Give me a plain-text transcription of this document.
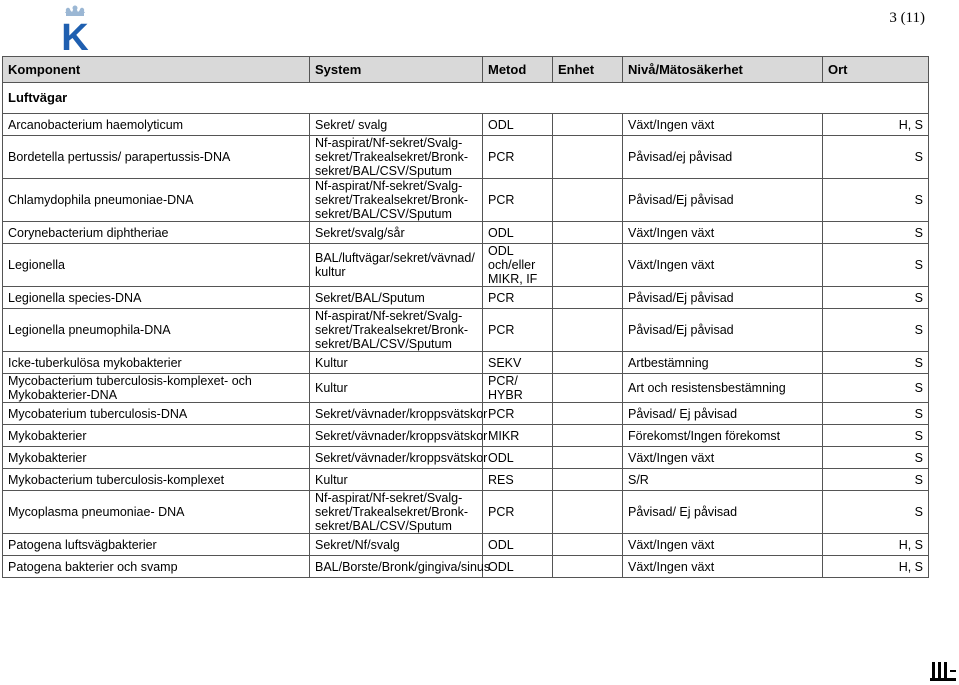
K	3 (11)
Komponent	System	Metod	Enhet	Nivå/Mätosäkerhet	Ort
Luftvägar					
Arcanobacterium haemolyticum	Sekret/ svalg	ODL		Växt/Ingen växt	H, S
Bordetella pertussis/ parapertussis-DNA	Nf-aspirat/Nf-sekret/Svalg-
sekret/Trakealsekret/Bronk-
sekret/BAL/CSV/Sputum	PCR		Påvisad/ej påvisad	S
Chlamydophila pneumoniae-DNA	Nf-aspirat/Nf-sekret/Svalg-
sekret/Trakealsekret/Bronk-
sekret/BAL/CSV/Sputum	PCR		Påvisad/Ej påvisad	S
Corynebacterium diphtheriae	Sekret/svalg/sår	ODL		Växt/Ingen växt	S
Legionella	BAL/luftvägar/sekret/vävnad/
kultur	ODL
och/eller
MIKR, IF		Växt/Ingen växt	S
Legionella species-DNA	Sekret/BAL/Sputum	PCR		Påvisad/Ej påvisad	S
Legionella pneumophila-DNA	Nf-aspirat/Nf-sekret/Svalg-
sekret/Trakealsekret/Bronk-
sekret/BAL/CSV/Sputum	PCR		Påvisad/Ej påvisad	S
Icke-tuberkulösa mykobakterier	Kultur	SEKV		Artbestämning	S
Mycobacterium tuberculosis-komplexet- och
Mykobakterier-DNA	Kultur	PCR/
HYBR		Art och resistensbestämning	S
Mycobaterium tuberculosis-DNA	Sekret/vävnader/kroppsvätskor	PCR		Påvisad/ Ej påvisad	S
Mykobakterier	Sekret/vävnader/kroppsvätskor	MIKR		Förekomst/Ingen förekomst	S
Mykobakterier	Sekret/vävnader/kroppsvätskor	ODL		Växt/Ingen växt	S
Mykobacterium tuberculosis-komplexet	Kultur	RES		S/R	S
Mycoplasma pneumoniae- DNA	Nf-aspirat/Nf-sekret/Svalg-
sekret/Trakealsekret/Bronk-
sekret/BAL/CSV/Sputum	PCR		Påvisad/ Ej påvisad	S
Patogena luftsvägbakterier	Sekret/Nf/svalg	ODL		Växt/Ingen växt	H, S
Patogena bakterier och svamp	BAL/Borste/Bronk/gingiva/sinus	ODL		Växt/Ingen växt	H, S
